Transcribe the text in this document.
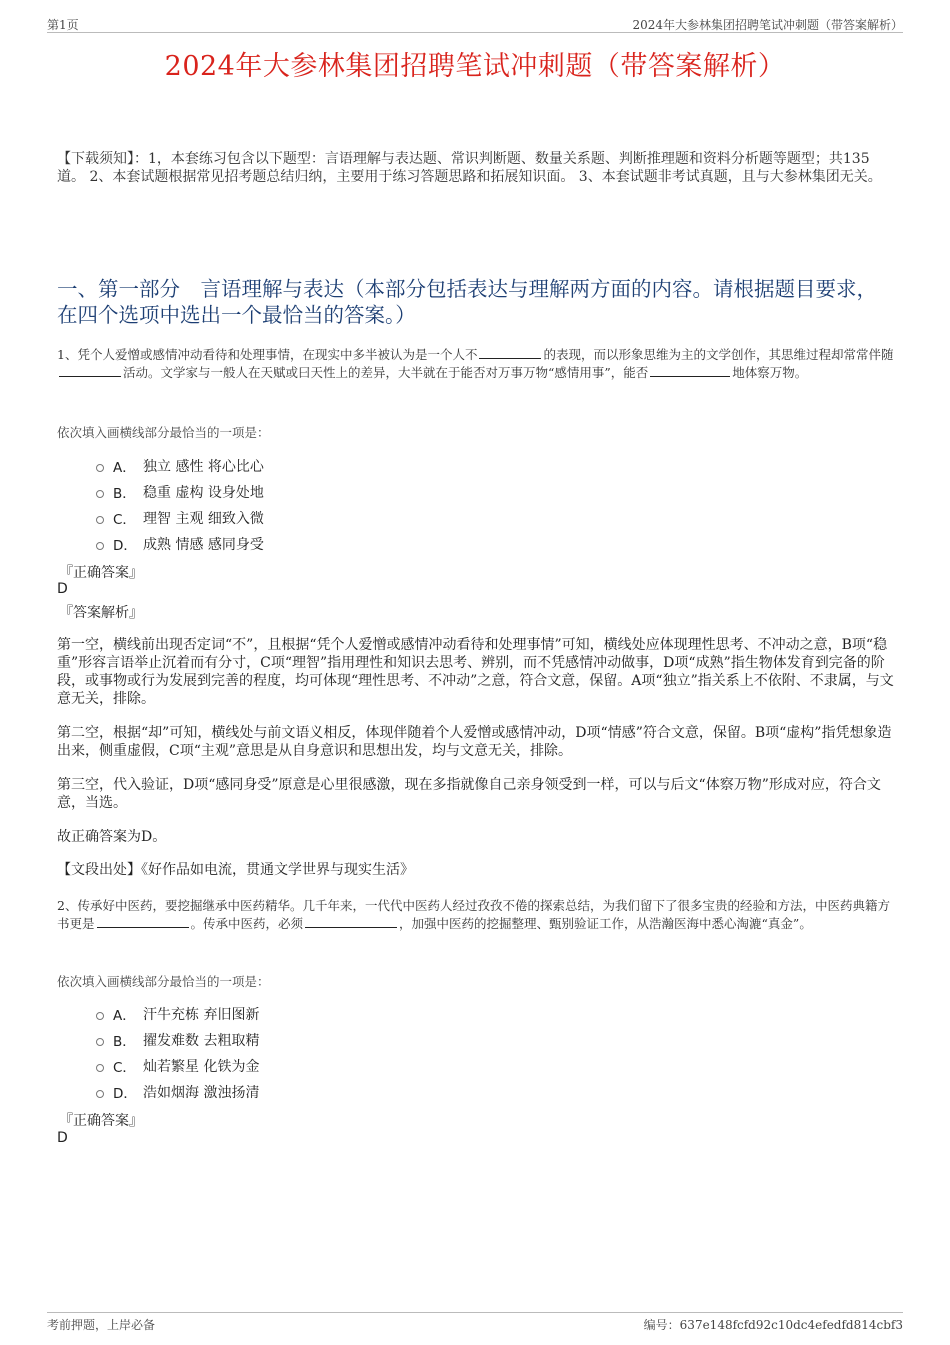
第1页	2024年大参林集团招聘笔试冲刺题（带答案解析）
2024年大参林集团招聘笔试冲刺题（带答案解析）
【下载须知】：1，本套练习包含以下题型：言语理解与表达题、常识判断题、数量关系题、判断推理题和资料分析题等题型；共135道。 2、本套试题根据常见招考题总结归纳，主要用于练习答题思路和拓展知识面。 3、本套试题非考试真题，且与大参林集团无关。
一、第一部分　言语理解与表达（本部分包括表达与理解两方面的内容。请根据题目要求，在四个选项中选出一个最恰当的答案。）
1、凭个人爱憎或感情冲动看待和处理事情，在现实中多半被认为是一个人不	的表现，而以形象思维为主的文学创作，其思维过程却常常伴随活动。文学家与一般人在天赋或曰天性上的差异，大半就在于能否对万事万物“感情用事”，能否	地体察万物。
依次填入画横线部分最恰当的一项是：
A． 独立 感性 将心比心
B． 稳重 虚构 设身处地
C． 理智 主观 细致入微
D． 成熟 情感 感同身受
『正确答案』
D
『答案解析』
第一空，横线前出现否定词“不”，且根据“凭个人爱憎或感情冲动看待和处理事情”可知，横线处应体现理性思考、不冲动之意，B项“稳重”形容言语举止沉着而有分寸，C项“理智”指用理性和知识去思考、辨别，而不凭感情冲动做事，D项“成熟”指生物体发育到完备的阶段，或事物或行为发展到完善的程度，均可体现“理性思考、不冲动”之意，符合文意，保留。A项“独立”指关系上不依附、不隶属，与文意无关，排除。
第二空，根据“却”可知，横线处与前文语义相反，体现伴随着个人爱憎或感情冲动，D项“情感”符合文意，保留。B项“虚构”指凭想象造出来，侧重虚假，C项“主观”意思是从自身意识和思想出发，均与文意无关，排除。
第三空，代入验证，D项“感同身受”原意是心里很感激，现在多指就像自己亲身领受到一样，可以与后文“体察万物”形成对应，符合文意，当选。
故正确答案为D。
【文段出处】《好作品如电流，贯通文学世界与现实生活》
2、传承好中医药，要挖掘继承中医药精华。几千年来，一代代中医药人经过孜孜不倦的探索总结，为我们留下了很多宝贵的经验和方法，中医药典籍方书更是	。传承中医药，必须	，加强中医药的挖掘整理、甄别验证工作，从浩瀚医海中悉心淘漉“真金”。
依次填入画横线部分最恰当的一项是：
A． 汗牛充栋 弃旧图新
B． 擢发难数 去粗取精
C． 灿若繁星 化铁为金
D． 浩如烟海 激浊扬清
『正确答案』
D
考前押题，上岸必备	编号：637e148fcfd92c10dc4efedfd814cbf3
